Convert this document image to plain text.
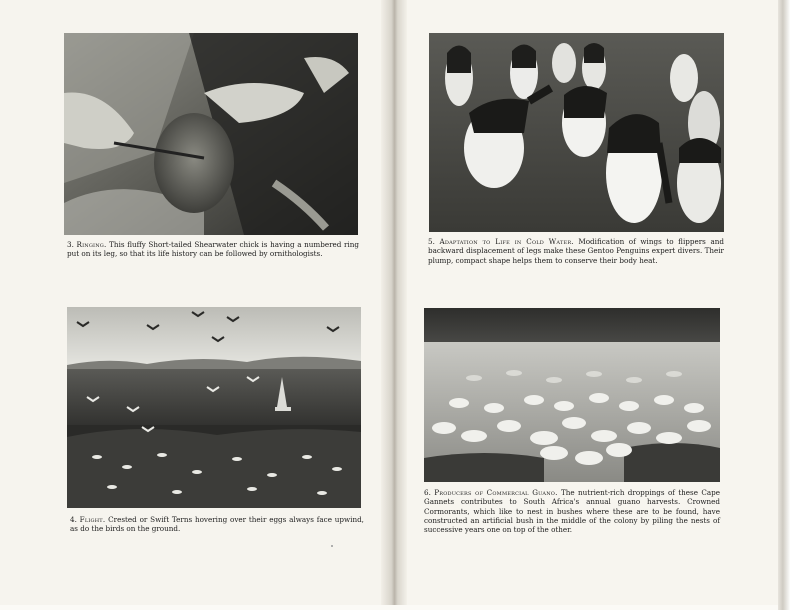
3. Ringing. This fluffy Short-tailed Shearwater chick is having a numbered ring put on its leg, so that its life history can be followed by ornithologists.
4. Flight. Crested or Swift Terns hovering over their eggs always face upwind, as do the birds on the ground.
5. Adaptation to Life in Cold Water. Modification of wings to flippers and backward displacement of legs make these Gentoo Penguins expert divers. Their plump, compact shape helps them to conserve their body heat.
6. Producers of Commercial Guano. The nutrient-rich droppings of these Cape Gannets contributes to South Africa's annual guano harvests. Crowned Cormorants, which like to nest in bushes where these are to be found, have constructed an artificial bush in the middle of the colony by piling the nests of successive years one on top of the other.
